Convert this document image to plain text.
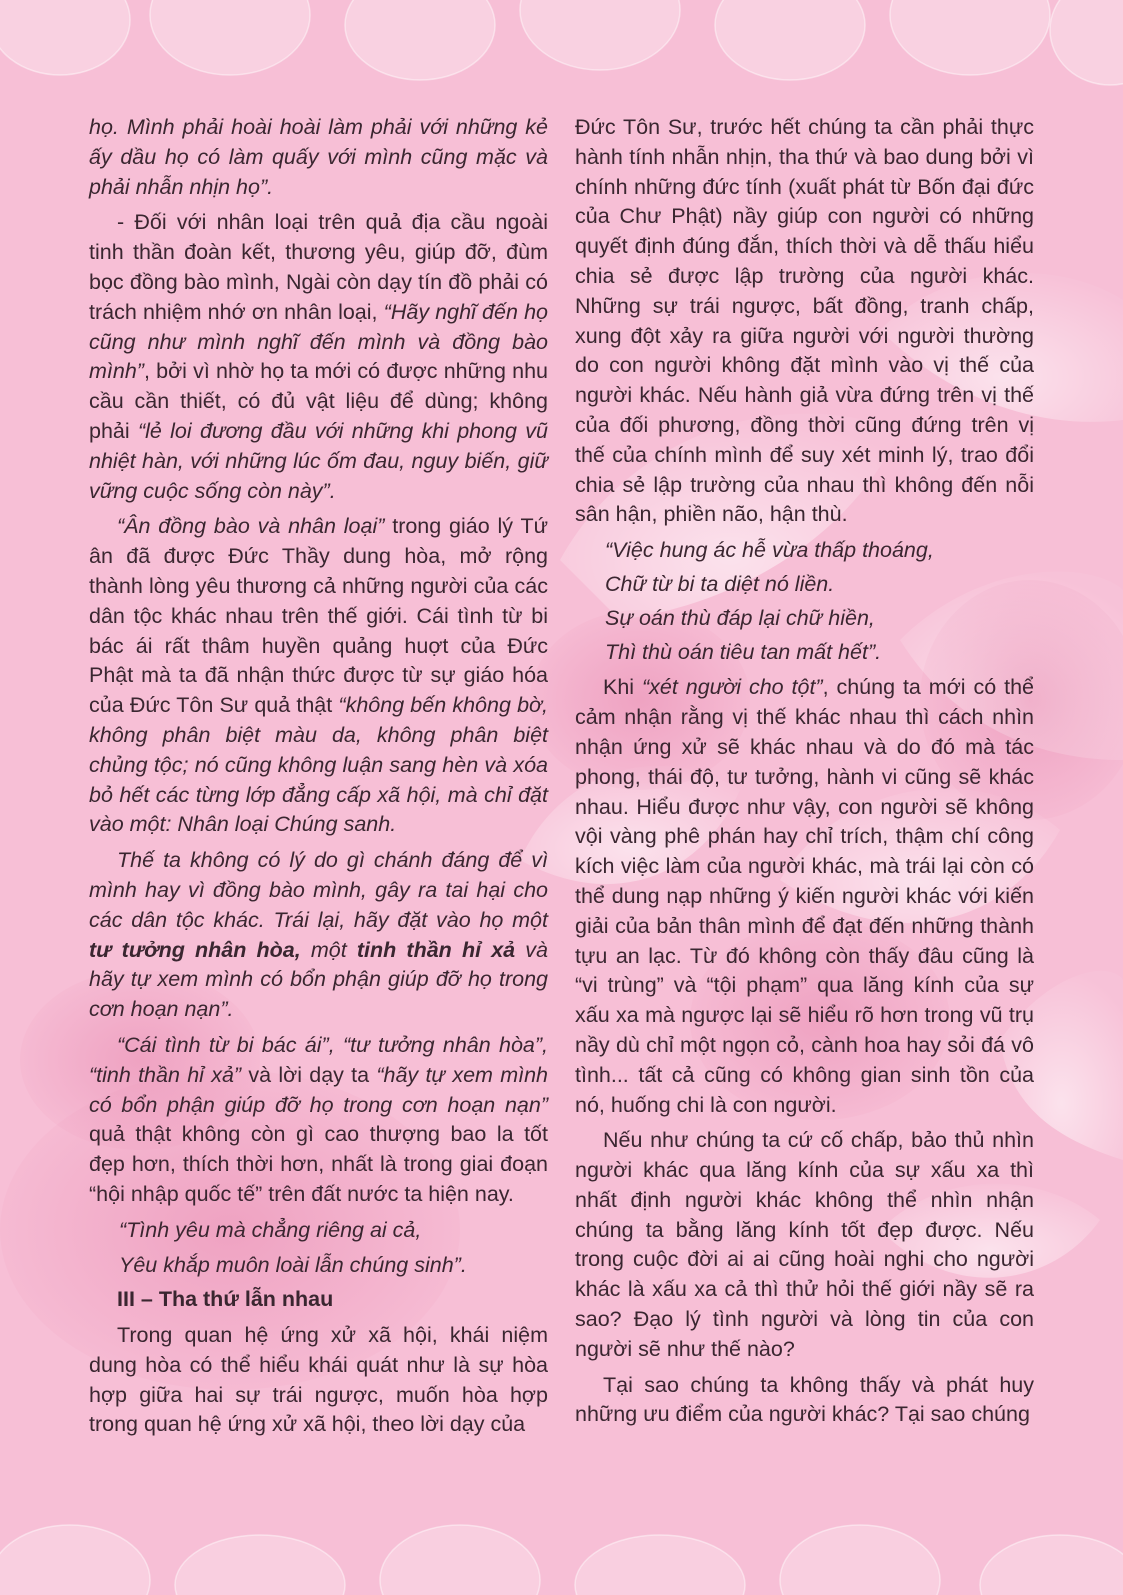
họ. Mình phải hoài hoài làm phải với những kẻ ấy dầu họ có làm quấy với mình cũng mặc và phải nhẫn nhịn họ”.

- Đối với nhân loại trên quả địa cầu ngoài tinh thần đoàn kết, thương yêu, giúp đỡ, đùm bọc đồng bào mình, Ngài còn dạy tín đồ phải có trách nhiệm nhớ ơn nhân loại, “Hãy nghĩ đến họ cũng như mình nghĩ đến mình và đồng bào mình”, bởi vì nhờ họ ta mới có được những nhu cầu cần thiết, có đủ vật liệu để dùng; không phải “lẻ loi đương đầu với những khi phong vũ nhiệt hàn, với những lúc ốm đau, nguy biến, giữ vững cuộc sống còn này”.

“Ân đồng bào và nhân loại” trong giáo lý Tứ ân đã được Đức Thầy dung hòa, mở rộng thành lòng yêu thương cả những người của các dân tộc khác nhau trên thế giới. Cái tình từ bi bác ái rất thâm huyền quảng huợt của Đức Phật mà ta đã nhận thức được từ sự giáo hóa của Đức Tôn Sư quả thật “không bến không bờ, không phân biệt màu da, không phân biệt chủng tộc; nó cũng không luận sang hèn và xóa bỏ hết các từng lớp đẳng cấp xã hội, mà chỉ đặt vào một: Nhân loại Chúng sanh.

Thế ta không có lý do gì chánh đáng để vì mình hay vì đồng bào mình, gây ra tai hại cho các dân tộc khác. Trái lại, hãy đặt vào họ một tư tưởng nhân hòa, một tinh thần hỉ xả và hãy tự xem mình có bổn phận giúp đỡ họ trong cơn hoạn nạn”.

“Cái tình từ bi bác ái”, “tư tưởng nhân hòa”, “tinh thần hỉ xả” và lời dạy ta “hãy tự xem mình có bổn phận giúp đỡ họ trong cơn hoạn nạn” quả thật không còn gì cao thượng bao la tốt đẹp hơn, thích thời hơn, nhất là trong giai đoạn “hội nhập quốc tế” trên đất nước ta hiện nay.

“Tình yêu mà chẳng riêng ai cả,

Yêu khắp muôn loài lẫn chúng sinh”.

III – Tha thứ lẫn nhau

Trong quan hệ ứng xử xã hội, khái niệm dung hòa có thể hiểu khái quát như là sự hòa hợp giữa hai sự trái ngược, muốn hòa hợp trong quan hệ ứng xử xã hội, theo lời dạy của

Đức Tôn Sư, trước hết chúng ta cần phải thực hành tính nhẫn nhịn, tha thứ và bao dung bởi vì chính những đức tính (xuất phát từ Bốn đại đức của Chư Phật) nầy giúp con người có những quyết định đúng đắn, thích thời và dễ thấu hiểu chia sẻ được lập trường của người khác. Những sự trái ngược, bất đồng, tranh chấp, xung đột xảy ra giữa người với người thường do con người không đặt mình vào vị thế của người khác. Nếu hành giả vừa đứng trên vị thế của đối phương, đồng thời cũng đứng trên vị thế của chính mình để suy xét minh lý, trao đổi chia sẻ lập trường của nhau thì không đến nỗi sân hận, phiền não, hận thù.

“Việc hung ác hễ vừa thấp thoáng,

Chữ từ bi ta diệt nó liền.

Sự oán thù đáp lại chữ hiền,

Thì thù oán tiêu tan mất hết”.

Khi “xét người cho tột”, chúng ta mới có thể cảm nhận rằng vị thế khác nhau thì cách nhìn nhận ứng xử sẽ khác nhau và do đó mà tác phong, thái độ, tư tưởng, hành vi cũng sẽ khác nhau. Hiểu được như vậy, con người sẽ không vội vàng phê phán hay chỉ trích, thậm chí công kích việc làm của người khác, mà trái lại còn có thể dung nạp những ý kiến người khác với kiến giải của bản thân mình để đạt đến những thành tựu an lạc. Từ đó không còn thấy đâu cũng là “vi trùng” và “tội phạm” qua lăng kính của sự xấu xa mà ngược lại sẽ hiểu rõ hơn trong vũ trụ nầy dù chỉ một ngọn cỏ, cành hoa hay sỏi đá vô tình... tất cả cũng có không gian sinh tồn của nó, huống chi là con người.

Nếu như chúng ta cứ cố chấp, bảo thủ nhìn người khác qua lăng kính của sự xấu xa thì nhất định người khác không thể nhìn nhận chúng ta bằng lăng kính tốt đẹp được. Nếu trong cuộc đời ai ai cũng hoài nghi cho người khác là xấu xa cả thì thử hỏi thế giới nầy sẽ ra sao? Đạo lý tình người và lòng tin của con người sẽ như thế nào?

Tại sao chúng ta không thấy và phát huy những ưu điểm của người khác? Tại sao chúng
